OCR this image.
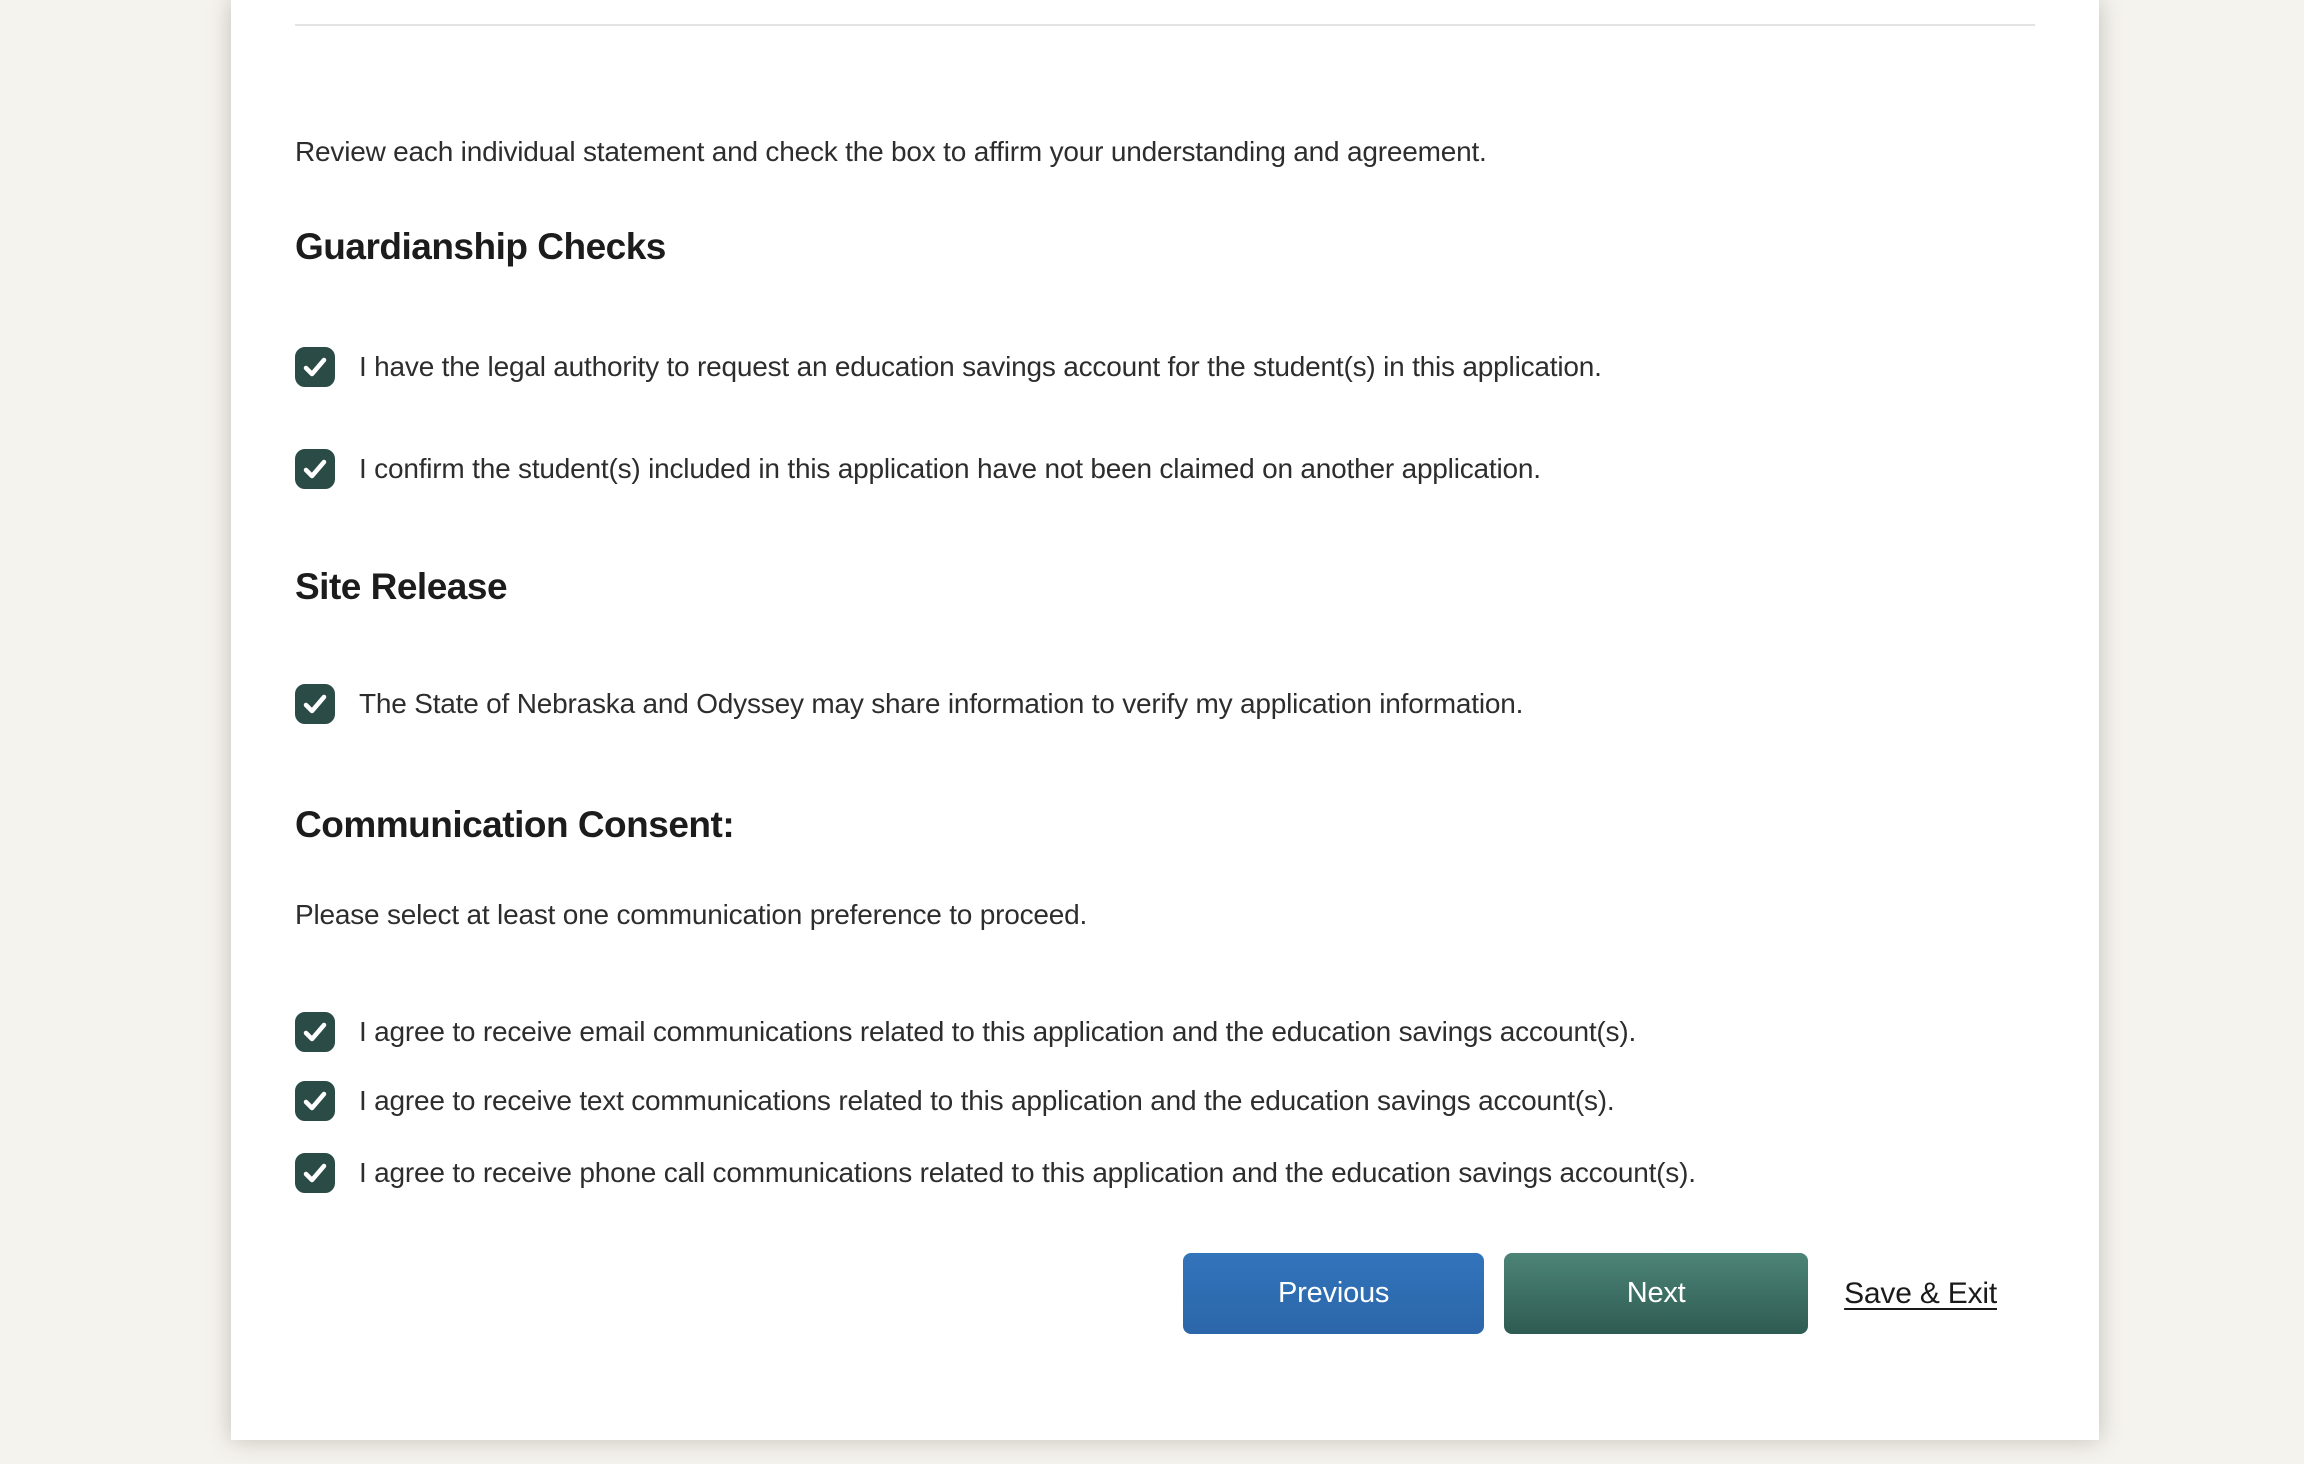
Review each individual statement and check the box to affirm your understanding and agreement.

Guardianship Checks
I have the legal authority to request an education savings account for the student(s) in this application.
I confirm the student(s) included in this application have not been claimed on another application.
Site Release
The State of Nebraska and Odyssey may share information to verify my application information.
Communication Consent:

Please select at least one communication preference to proceed.

I agree to receive email communications related to this application and the education savings account(s).
I agree to receive text communications related to this application and the education savings account(s).
I agree to receive phone call communications related to this application and the education savings account(s).
Previous	Next	Save & Exit
